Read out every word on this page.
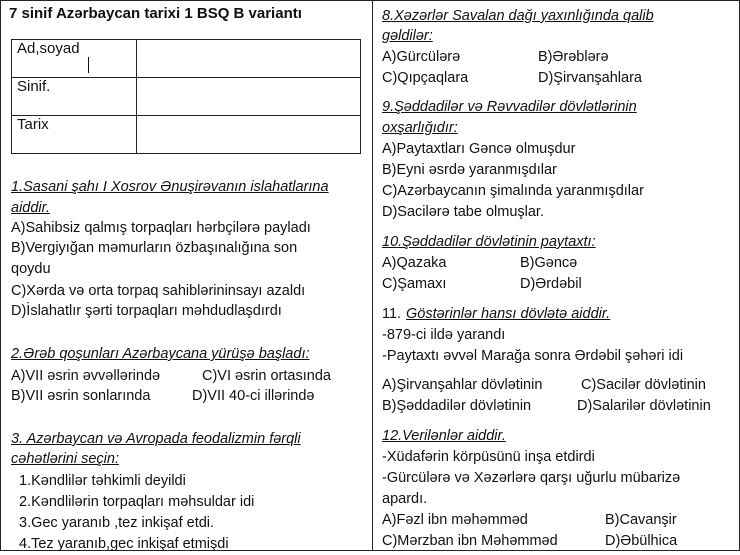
7 sinif Azərbaycan tarixi 1 BSQ B variantı
Ad,soyad	
Sinif.	
Tarix	
1.Sasani şahı I Xosrov Ənuşirəvanın islahatlarına
aiddir.
A)Sahibsiz qalmış torpaqları hərbçilərə payladı
B)Vergiyığan məmurların özbaşınalığına son
qoydu
C)Xərda və orta torpaq sahiblərininsayı azaldı
D)İslahatlır şərti torpaqları məhdudlaşdırdı
2.Ərəb qoşunları Azərbaycana yürüşə başladı:
A)VII əsrin əvvəllərində	C)VI əsrin ortasında
B)VII əsrin sonlarında	D)VII 40-ci illərində
3. Azərbaycan və Avropada feodalizmin fərqli
cəhətlərini seçin:
1.Kəndlilər təhkimli deyildi
2.Kəndlilərin torpaqları məhsuldar idi
3.Gec yaranıb ,tez inkişaf etdi.
4.Tez yaranıb,gec inkişaf etmişdi
8.Xəzərlər Savalan dağı yaxınlığında qalib
gəldilər:
A)Gürcülərə	B)Ərəblərə
C)Qıpçaqlara	D)Şirvanşahlara
9.Şəddadilər və Rəvvadilər dövlətlərinin
oxşarlığıdır:
A)Paytaxtları Gəncə olmuşdur
B)Eyni əsrdə yaranmışdılar
C)Azərbaycanın şimalında yaranmışdılar
D)Sacilərə tabe olmuşlar.
10.Şəddadilər dövlətinin paytaxtı:
A)Qazaka	B)Gəncə
C)Şamaxı	D)Ərdəbil
11. Göstərinlər hansı dövlətə aiddir.
-879-ci ildə yarandı
-Paytaxtı əvvəl Marağa sonra Ərdəbil şəhəri idi
A)Şirvanşahlar dövlətinin	C)Sacilər dövlətinin
B)Şəddadilər dövlətinin	D)Salarilər dövlətinin
12.Verilənlər aiddir.
-Xüdafərin körpüsünü inşa etdirdi
-Gürcülərə və Xəzərlərə qarşı uğurlu mübarizə
apardı.
A)Fəzl ibn məhəmməd	B)Cavanşir
C)Mərzban ibn Məhəmməd	D)Əbülhica
